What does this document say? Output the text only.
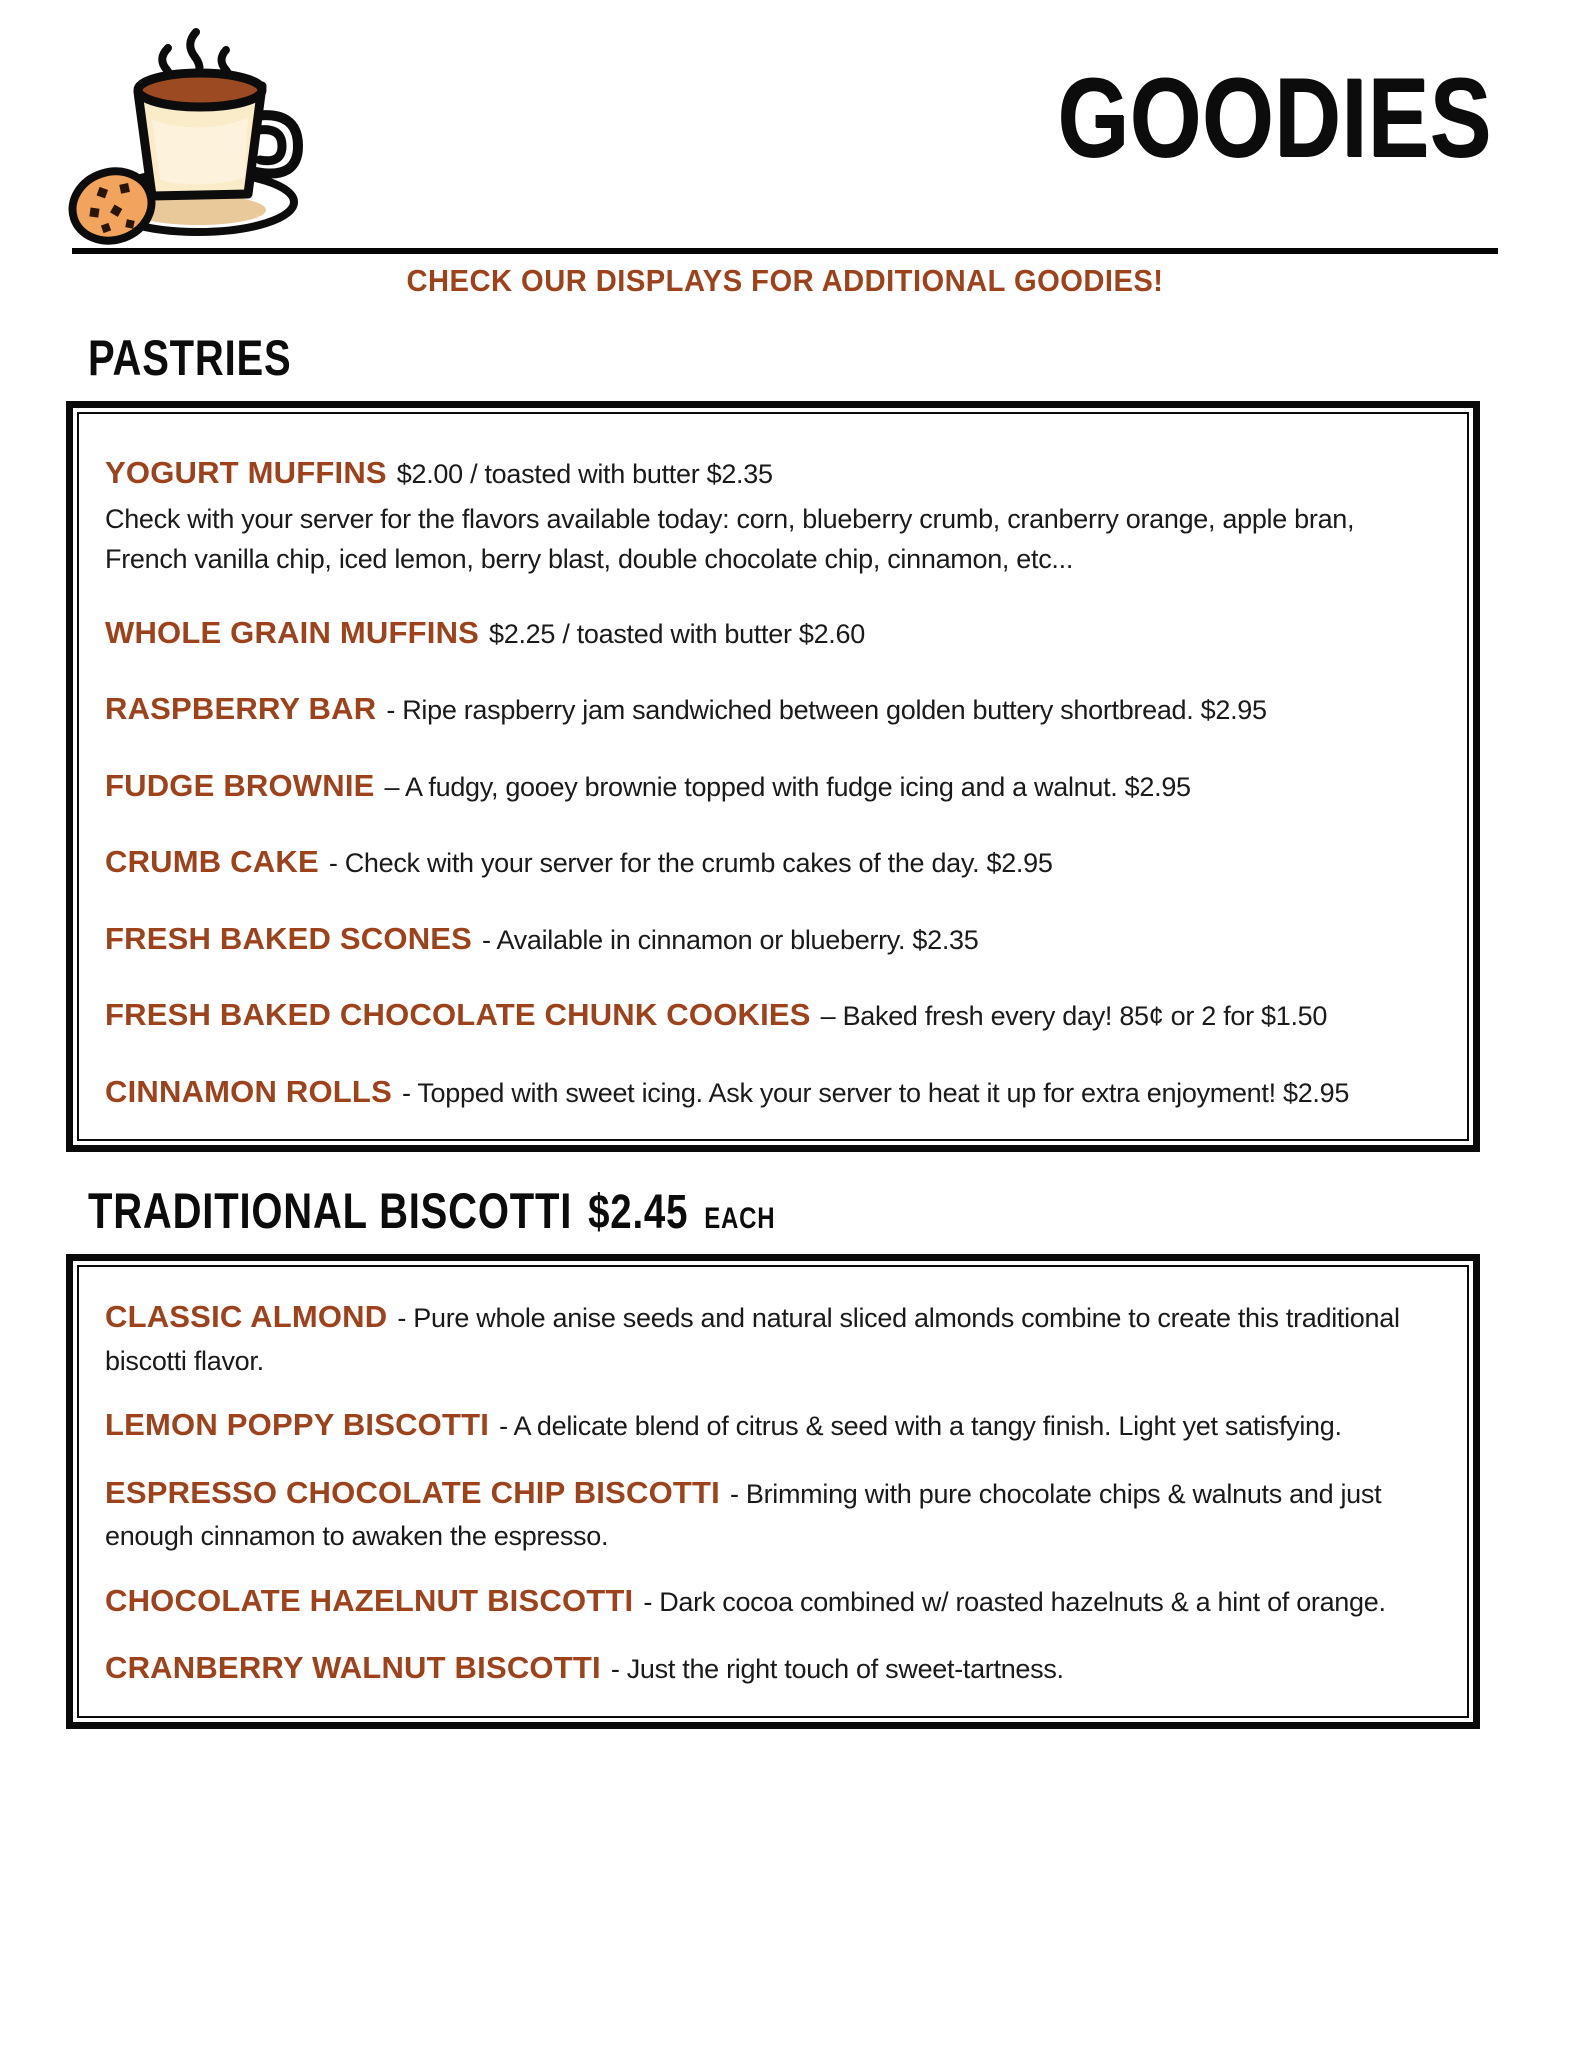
GOODIES
CHECK OUR DISPLAYS FOR ADDITIONAL GOODIES!
PASTRIES

YOGURT MUFFINS $2.00 / toasted with butter $2.35

Check with your server for the flavors available today: corn, blueberry crumb, cranberry orange, apple bran, French vanilla chip, iced lemon, berry blast, double chocolate chip, cinnamon, etc...

WHOLE GRAIN MUFFINS $2.25 / toasted with butter $2.60

RASPBERRY BAR - Ripe raspberry jam sandwiched between golden buttery shortbread. $2.95

FUDGE BROWNIE – A fudgy, gooey brownie topped with fudge icing and a walnut. $2.95

CRUMB CAKE - Check with your server for the crumb cakes of the day. $2.95

FRESH BAKED SCONES - Available in cinnamon or blueberry. $2.35

FRESH BAKED CHOCOLATE CHUNK COOKIES – Baked fresh every day! 85¢ or 2 for $1.50

CINNAMON ROLLS - Topped with sweet icing. Ask your server to heat it up for extra enjoyment! $2.95

TRADITIONAL BISCOTTI $2.45 EACH

CLASSIC ALMOND - Pure whole anise seeds and natural sliced almonds combine to create this traditional biscotti flavor.

LEMON POPPY BISCOTTI - A delicate blend of citrus & seed with a tangy finish. Light yet satisfying.

ESPRESSO CHOCOLATE CHIP BISCOTTI - Brimming with pure chocolate chips & walnuts and just enough cinnamon to awaken the espresso.

CHOCOLATE HAZELNUT BISCOTTI - Dark cocoa combined w/ roasted hazelnuts & a hint of orange.

CRANBERRY WALNUT BISCOTTI - Just the right touch of sweet-tartness.
